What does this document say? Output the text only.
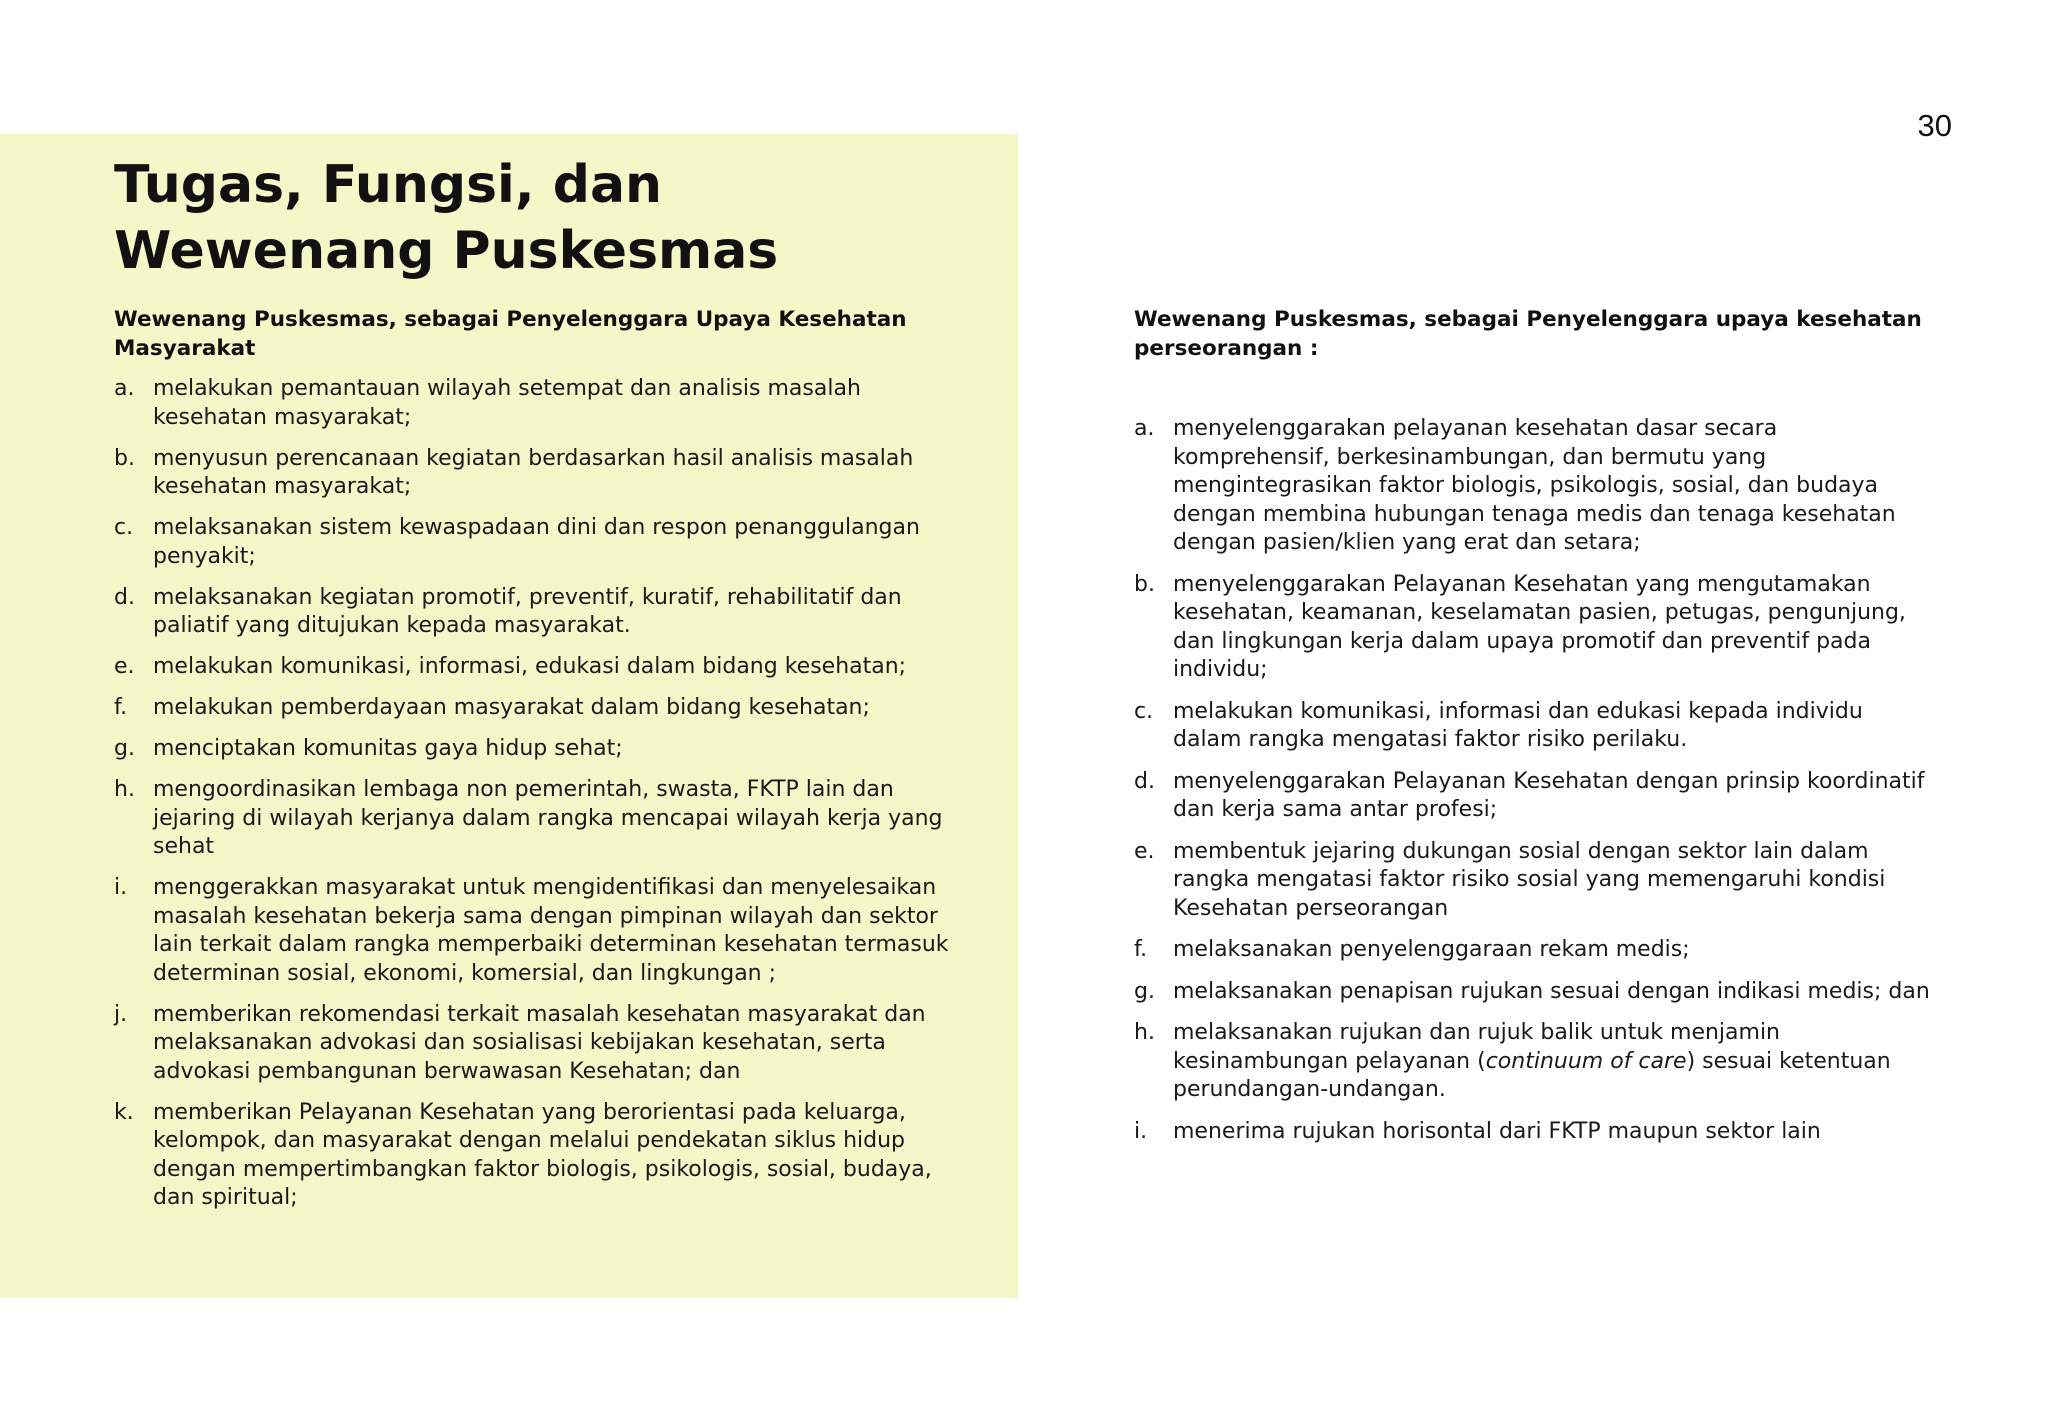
30
Tugas, Fungsi, dan
Wewenang Puskesmas
Wewenang Puskesmas, sebagai Penyelenggara Upaya Kesehatan Masyarakat
a. melakukan pemantauan wilayah setempat dan analisis masalah kesehatan masyarakat;
b. menyusun perencanaan kegiatan berdasarkan hasil analisis masalah kesehatan masyarakat;
c. melaksanakan sistem kewaspadaan dini dan respon penanggulangan penyakit;
d. melaksanakan kegiatan promotif, preventif, kuratif, rehabilitatif dan paliatif yang ditujukan kepada masyarakat.
e. melakukan komunikasi, informasi, edukasi dalam bidang kesehatan;
f.	melakukan pemberdayaan masyarakat dalam bidang kesehatan;
g. menciptakan komunitas gaya hidup sehat;
h. mengoordinasikan lembaga non pemerintah, swasta, FKTP lain dan jejaring di wilayah kerjanya dalam rangka mencapai wilayah kerja yang sehat
i.	menggerakkan masyarakat untuk mengidentifikasi dan menyelesaikan masalah kesehatan bekerja sama dengan pimpinan wilayah dan sektor lain terkait dalam rangka memperbaiki determinan kesehatan termasuk determinan sosial, ekonomi, komersial, dan lingkungan ;
j.	memberikan rekomendasi terkait masalah kesehatan masyarakat dan melaksanakan advokasi dan sosialisasi kebijakan kesehatan, serta advokasi pembangunan berwawasan Kesehatan; dan
k. memberikan Pelayanan Kesehatan yang berorientasi pada keluarga, kelompok, dan masyarakat dengan melalui pendekatan siklus hidup dengan mempertimbangkan faktor biologis, psikologis, sosial, budaya, dan spiritual;
Wewenang Puskesmas, sebagai Penyelenggara upaya kesehatan perseorangan :
a. menyelenggarakan pelayanan kesehatan dasar secara komprehensif, berkesinambungan, dan bermutu yang mengintegrasikan faktor biologis, psikologis, sosial, dan budaya dengan membina hubungan tenaga medis dan tenaga kesehatan dengan pasien/klien yang erat dan setara;
b. menyelenggarakan Pelayanan Kesehatan yang mengutamakan kesehatan, keamanan, keselamatan pasien, petugas, pengunjung, dan lingkungan kerja dalam upaya promotif dan preventif pada individu;
c. melakukan komunikasi, informasi dan edukasi kepada individu dalam rangka mengatasi faktor risiko perilaku.
d. menyelenggarakan Pelayanan Kesehatan dengan prinsip koordinatif dan kerja sama antar profesi;
e. membentuk jejaring dukungan sosial dengan sektor lain dalam rangka mengatasi faktor risiko sosial yang memengaruhi kondisi Kesehatan perseorangan
f.	melaksanakan penyelenggaraan rekam medis;
g. melaksanakan penapisan rujukan sesuai dengan indikasi medis; dan
h. melaksanakan rujukan dan rujuk balik untuk menjamin kesinambungan pelayanan (continuum of care) sesuai ketentuan perundangan-undangan.
i.	menerima rujukan horisontal dari FKTP maupun sektor lain
